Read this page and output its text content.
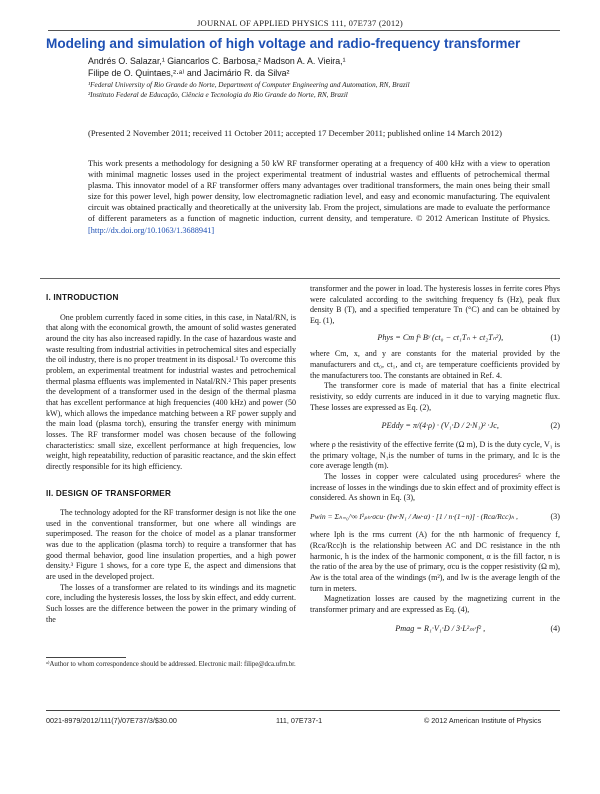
JOURNAL OF APPLIED PHYSICS 111, 07E737 (2012)
Modeling and simulation of high voltage and radio-frequency transformer
Andrés O. Salazar,¹ Giancarlos C. Barbosa,² Madson A. A. Vieira,¹
Filipe de O. Quintaes,²·ᵃ⁾ and Jacimário R. da Silva²
¹Federal University of Rio Grande do Norte, Department of Computer Engineering and Automation, RN, Brazil
²Instituto Federal de Educação, Ciência e Tecnologia do Rio Grande do Norte, RN, Brazil
(Presented 2 November 2011; received 11 October 2011; accepted 17 December 2011; published online 14 March 2012)
This work presents a methodology for designing a 50 kW RF transformer operating at a frequency of 400 kHz with a view to operation with minimal magnetic losses used in the project experimental treatment of industrial wastes and effluents of petrochemical thermal plasma. This innovator model of a RF transformer offers many advantages over traditional transformers, the main ones being their small size for this power level, high power density, low electromagnetic radiation level, and easy and economic manufacturing. The equivalent circuit was obtained practically and theoretically at the university lab. From the project, simulations are made to evaluate the performance of different parameters as a function of magnetic induction, current density, and temperature. © 2012 American Institute of Physics. [http://dx.doi.org/10.1063/1.3688941]
I. INTRODUCTION

One problem currently faced in some cities, in this case, in Natal/RN, is that along with the economical growth, the amount of solid wastes generated around the city has also increased rapidly. In the case of hazardous waste and waste resulting from industrial activities in petrochemical sites and especially the oil industry, there is no proper treatment in its disposal.¹ To overcome this problem, an experimental treatment for industrial wastes and petrochemical thermal plasma effluents was implemented in Natal/RN.² This paper presents the development of a transformer used in the design of the thermal plasma that has excellent performance at high frequencies (400 kHz) and power (50 kW), which allows the impedance matching between a RF power supply and the main load (plasma torch), ensuring the transfer energy with minimum losses. The RF transformer model was chosen because of the following characteristics: small size, excellent performance at high frequencies, low weight, high repeatability, reduction of parasitic reactance, and the skin effect directly responsible for its high efficiency.

II. DESIGN OF TRANSFORMER

The technology adopted for the RF transformer design is not like the one used in the conventional transformer, but one where all windings are superimposed. The reason for the choice of model as a planar transformer was due to the application (plasma torch) to require a transformer that has good thermal behavior, good line insulation properties, and a high power density.³ Figure 1 shows, for a core type E, the aspect and dimensions that are used in the developed project.

The losses of a transformer are related to its windings and its magnetic core, including the hysteresis losses, the loss by skin effect, and eddy current. Such losses are the difference between the power in the primary winding of the

ᵃ⁾Author to whom correspondence should be addressed. Electronic mail: filipe@dca.ufrn.br.
transformer and the power in load. The hysteresis losses in ferrite cores Phys were calculated according to the switching frequency fs (Hz), peak flux density B (T), and a specified temperature Tn (°C) and can be obtained by Eq. (1),
Phys = Cm fˣ Bʸ (ct₀ − ct₁Tₙ + ct₂Tₙ²),	(1)
where Cm, x, and y are constants for the material provided by the manufacturers and ct₀, ct₁, and ct₂ are temperature coefficients provided by the manufacturers too. The constants are obtained in Ref. 4.

The transformer core is made of material that has a finite electrical resistivity, so eddy currents are induced in it due to varying magnetic flux. These losses are expressed as Eq. (2),

PEddy = π/(4·ρ) · (V₁·D / 2·N₁)² ·Jc,	(2)
where ρ the resistivity of the effective ferrite (Ω m), D is the duty cycle, V₁ is the primary voltage, N₁is the number of turns in the primary, and Ic is the core average length (m).

The losses in copper were calculated using procedures⁵ where the increase of losses in the windings due to skin effect and of proximity effect is considered. As shown in Eq. (3),

Pwin = Σₕ₌₀^∞ I²ₚₕ·σcu· (Iw·N₁ / Aw·α) · [1 / n·(1−n)] · (Rca/Rcc)ₕ ,	(3)
where Iph is the rms current (A) for the nth harmonic of frequency f, (Rca/Rcc)h is the relationship between AC and DC resistance in the nth harmonic, h is the index of the harmonic component, α is the fill factor, n is the ratio of the area by the use of primary, σcu is the copper resistivity (Ω m), Aw is the total area of the windings (m²), and Iw is the average length of the turn in meters.

Magnetization losses are caused by the magnetizing current in the transformer primary and are expressed as Eq. (4),

Pmag = R₁·V₁·D / 3·L²ₘ·f² ,	(4)
0021-8979/2012/111(7)/07E737/3/$30.00	111, 07E737-1	© 2012 American Institute of Physics
